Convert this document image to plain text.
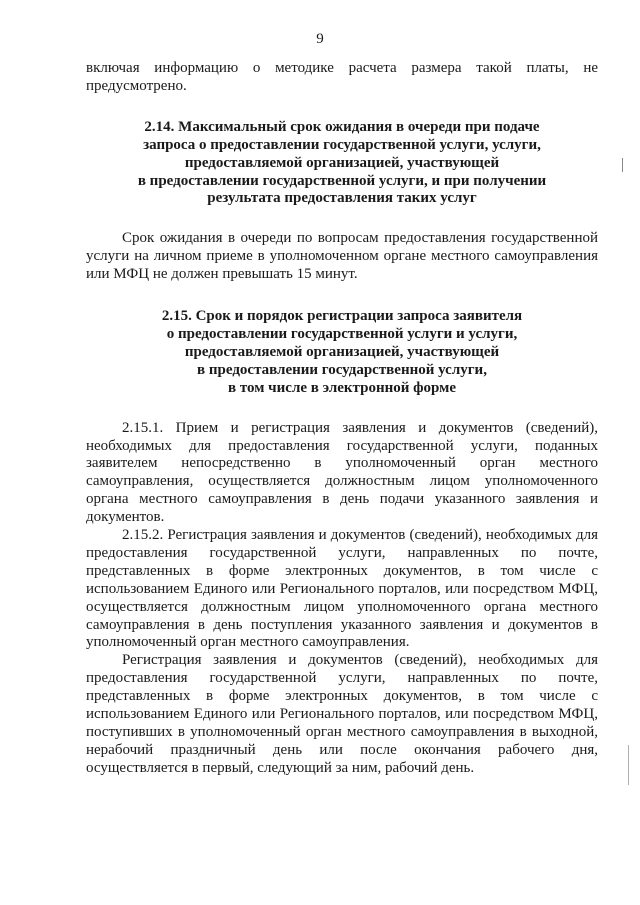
9

включая информацию о методике расчета размера такой платы, не предусмотрено.

2.14. Максимальный срок ожидания в очереди при подаче
запроса о предоставлении государственной услуги, услуги,
предоставляемой организацией, участвующей
в предоставлении государственной услуги, и при получении
результата предоставления таких услуг

Срок ожидания в очереди по вопросам предоставления государственной услуги на личном приеме в уполномоченном органе местного самоуправления или МФЦ не должен превышать 15 минут.

2.15. Срок и порядок регистрации запроса заявителя
о предоставлении государственной услуги и услуги,
предоставляемой организацией, участвующей
в предоставлении государственной услуги,
в том числе в электронной форме

2.15.1. Прием и регистрация заявления и документов (сведений), необходимых для предоставления государственной услуги, поданных заявителем непосредственно в уполномоченный орган местного самоуправления, осуществляется должностным лицом уполномоченного органа местного самоуправления в день подачи указанного заявления и документов.

2.15.2. Регистрация заявления и документов (сведений), необходимых для предоставления государственной услуги, направленных по почте, представленных в форме электронных документов, в том числе с использованием Единого или Регионального порталов, или посредством МФЦ, осуществляется должностным лицом уполномоченного органа местного самоуправления в день поступления указанного заявления и документов в уполномоченный орган местного самоуправления.

Регистрация заявления и документов (сведений), необходимых для предоставления государственной услуги, направленных по почте, представленных в форме электронных документов, в том числе с использованием Единого или Регионального порталов, или посредством МФЦ, поступивших в уполномоченный орган местного самоуправления в выходной, нерабочий праздничный день или после окончания рабочего дня, осуществляется в первый, следующий за ним, рабочий день.
